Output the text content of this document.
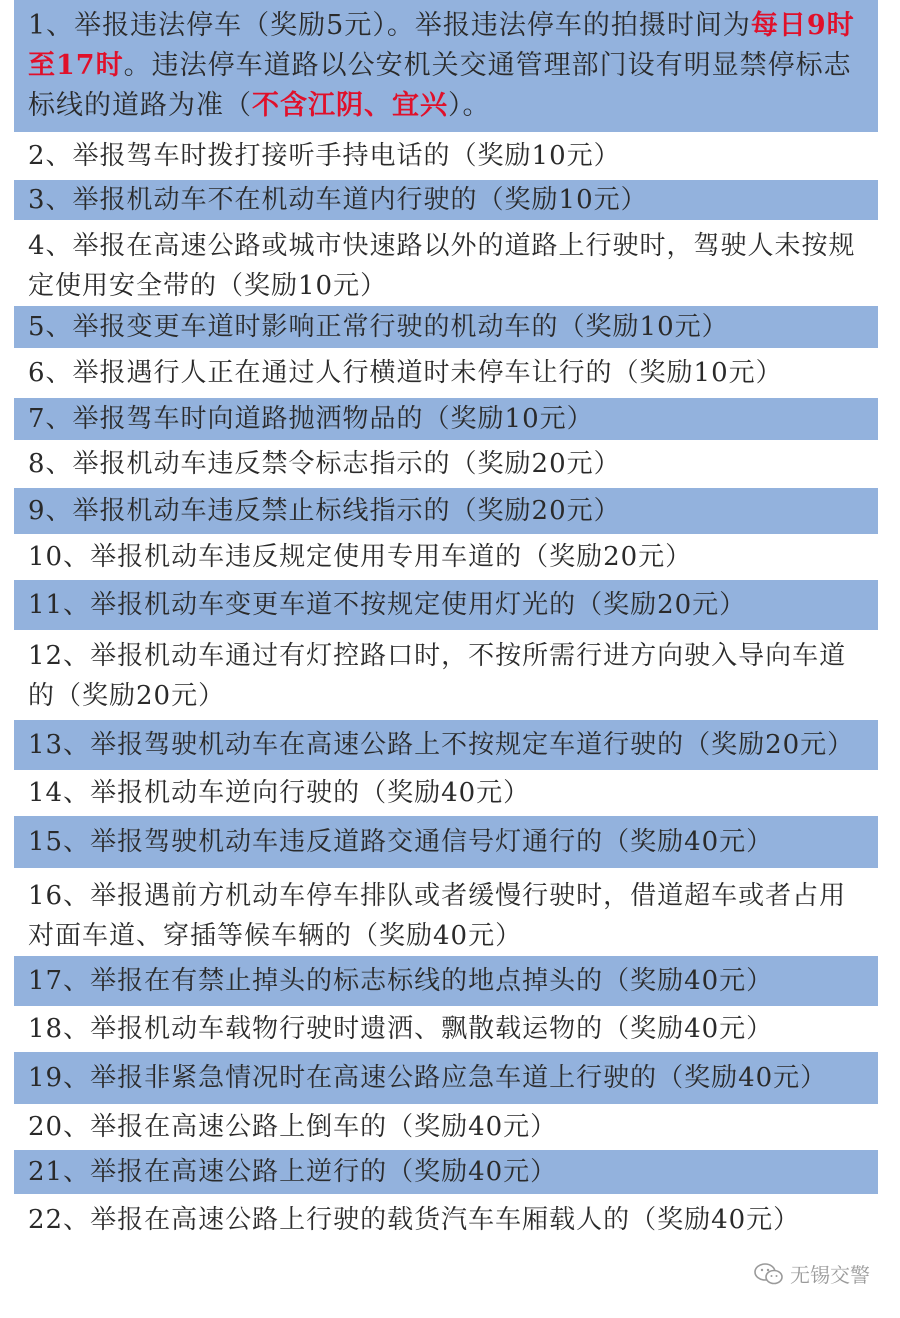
1、举报违法停车（奖励5元）。举报违法停车的拍摄时间为每日9时至17时。违法停车道路以公安机关交通管理部门设有明显禁停标志标线的道路为准（不含江阴、宜兴）。
2、举报驾车时拨打接听手持电话的（奖励10元）
3、举报机动车不在机动车道内行驶的（奖励10元）
4、举报在高速公路或城市快速路以外的道路上行驶时，驾驶人未按规定使用安全带的（奖励10元）
5、举报变更车道时影响正常行驶的机动车的（奖励10元）
6、举报遇行人正在通过人行横道时未停车让行的（奖励10元）
7、举报驾车时向道路抛洒物品的（奖励10元）
8、举报机动车违反禁令标志指示的（奖励20元）
9、举报机动车违反禁止标线指示的（奖励20元）
10、举报机动车违反规定使用专用车道的（奖励20元）
11、举报机动车变更车道不按规定使用灯光的（奖励20元）
12、举报机动车通过有灯控路口时，不按所需行进方向驶入导向车道的（奖励20元）
13、举报驾驶机动车在高速公路上不按规定车道行驶的（奖励20元）
14、举报机动车逆向行驶的（奖励40元）
15、举报驾驶机动车违反道路交通信号灯通行的（奖励40元）
16、举报遇前方机动车停车排队或者缓慢行驶时，借道超车或者占用对面车道、穿插等候车辆的（奖励40元）
17、举报在有禁止掉头的标志标线的地点掉头的（奖励40元）
18、举报机动车载物行驶时遗洒、飘散载运物的（奖励40元）
19、举报非紧急情况时在高速公路应急车道上行驶的（奖励40元）
20、举报在高速公路上倒车的（奖励40元）
21、举报在高速公路上逆行的（奖励40元）
22、举报在高速公路上行驶的载货汽车车厢载人的（奖励40元）
无锡交警
